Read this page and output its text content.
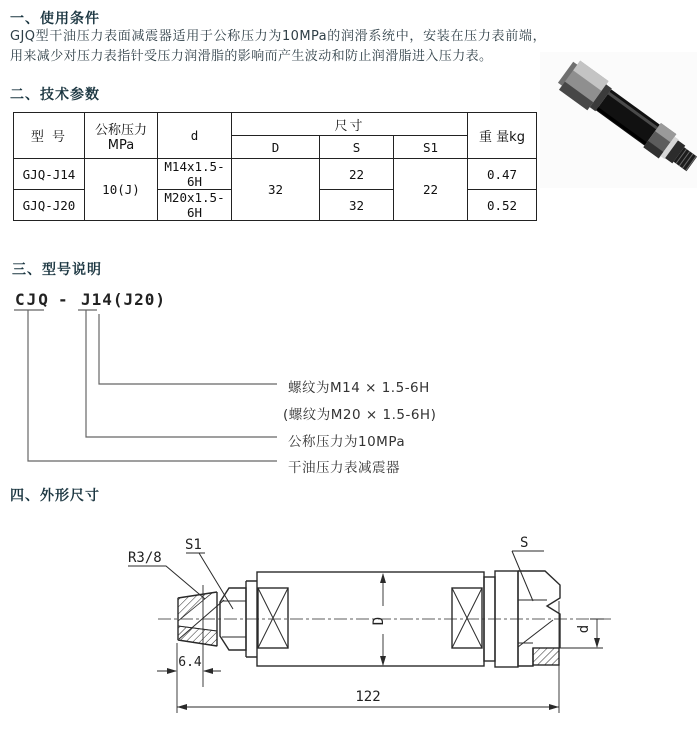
一、使用条件
GJQ型干油压力表面减震器适用于公称压力为10MPa的润滑系统中，安装在压力表前端，用来减少对压力表指针受压力润滑脂的影响而产生波动和防止润滑脂进入压力表。
二、技术参数
型 号	公称压力MPa	d	尺寸			重 量kg
			D	S	S1	
GJQ-J14	10(J)	M14x1.5-6H	32	22	22	0.47
GJQ-J20		M20x1.5-6H		32		0.52
三、型号说明
CJQ - J14(J20)
螺纹为M14 × 1.5-6H
(螺纹为M20 × 1.5-6H)
公称压力为10MPa
干油压力表减震器
四、外形尺寸
R3/8
S1	S
D
d
6.4
122
